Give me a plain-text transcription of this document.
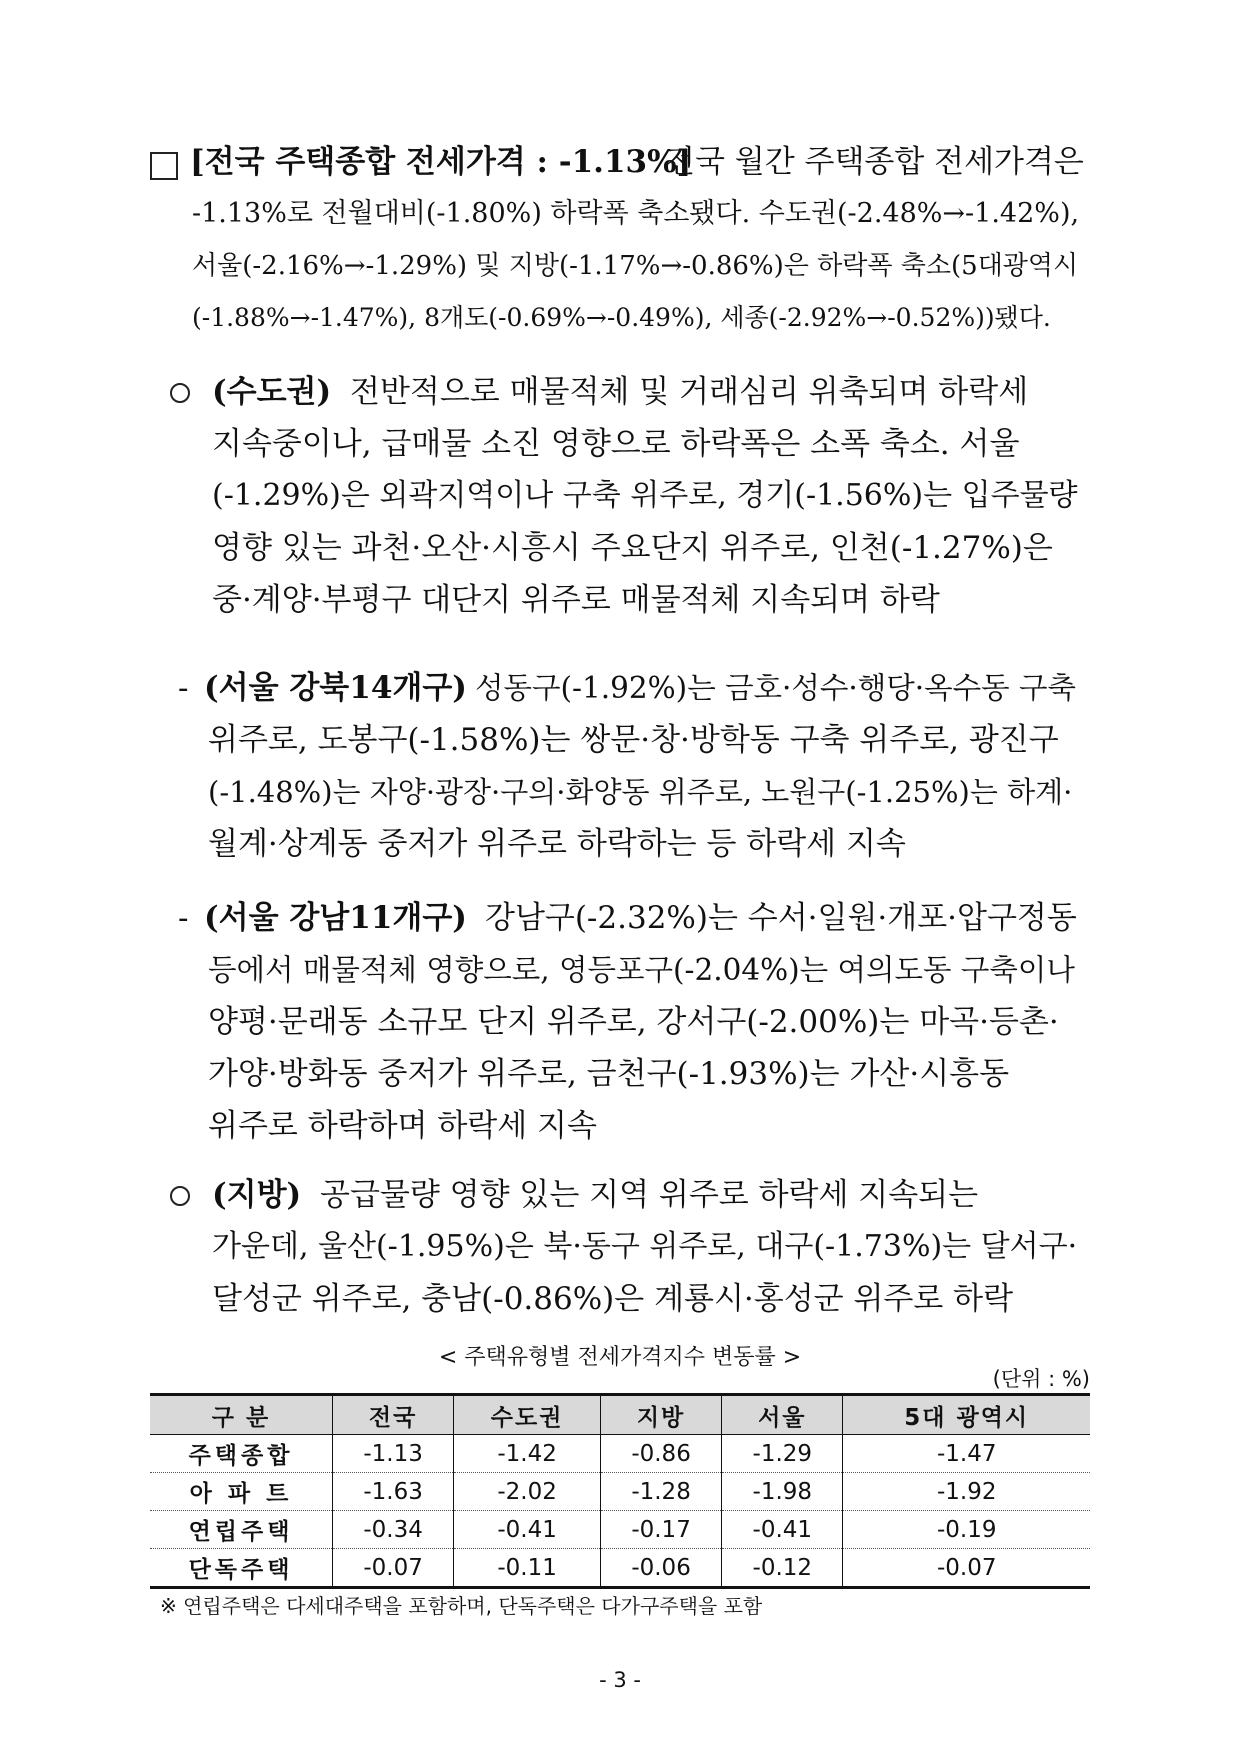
[전국 주택종합 전세가격 : -1.13%]
전국 월간 주택종합 전세가격은
-1.13%로 전월대비(-1.80%) 하락폭 축소됐다. 수도권(-2.48%→-1.42%),
서울(-2.16%→-1.29%) 및 지방(-1.17%→-0.86%)은 하락폭 축소(5대광역시
(-1.88%→-1.47%), 8개도(-0.69%→-0.49%), 세종(-2.92%→-0.52%))됐다.
(수도권) 전반적으로 매물적체 및 거래심리 위축되며 하락세
지속중이나, 급매물 소진 영향으로 하락폭은 소폭 축소. 서울
(-1.29%)은 외곽지역이나 구축 위주로, 경기(-1.56%)는 입주물량
영향 있는 과천·오산·시흥시 주요단지 위주로, 인천(-1.27%)은
중·계양·부평구 대단지 위주로 매물적체 지속되며 하락
- (서울 강북14개구) 성동구(-1.92%)는 금호·성수·행당·옥수동 구축
위주로, 도봉구(-1.58%)는 쌍문·창·방학동 구축 위주로, 광진구
(-1.48%)는 자양·광장·구의·화양동 위주로, 노원구(-1.25%)는 하계·
월계·상계동 중저가 위주로 하락하는 등 하락세 지속
- (서울 강남11개구) 강남구(-2.32%)는 수서·일원·개포·압구정동
등에서 매물적체 영향으로, 영등포구(-2.04%)는 여의도동 구축이나
양평·문래동 소규모 단지 위주로, 강서구(-2.00%)는 마곡·등촌·
가양·방화동 중저가 위주로, 금천구(-1.93%)는 가산·시흥동
위주로 하락하며 하락세 지속
(지방) 공급물량 영향 있는 지역 위주로 하락세 지속되는
가운데, 울산(-1.95%)은 북·동구 위주로, 대구(-1.73%)는 달서구·
달성군 위주로, 충남(-0.86%)은 계룡시·홍성군 위주로 하락
< 주택유형별 전세가격지수 변동률 >
(단위 : %)
구 분	전국	수도권	지방	서울	5대 광역시
주택종합	-1.13	-1.42	-0.86	-1.29	-1.47
아 파 트	-1.63	-2.02	-1.28	-1.98	-1.92
연립주택	-0.34	-0.41	-0.17	-0.41	-0.19
단독주택	-0.07	-0.11	-0.06	-0.12	-0.07
※ 연립주택은 다세대주택을 포함하며, 단독주택은 다가구주택을 포함
- 3 -
